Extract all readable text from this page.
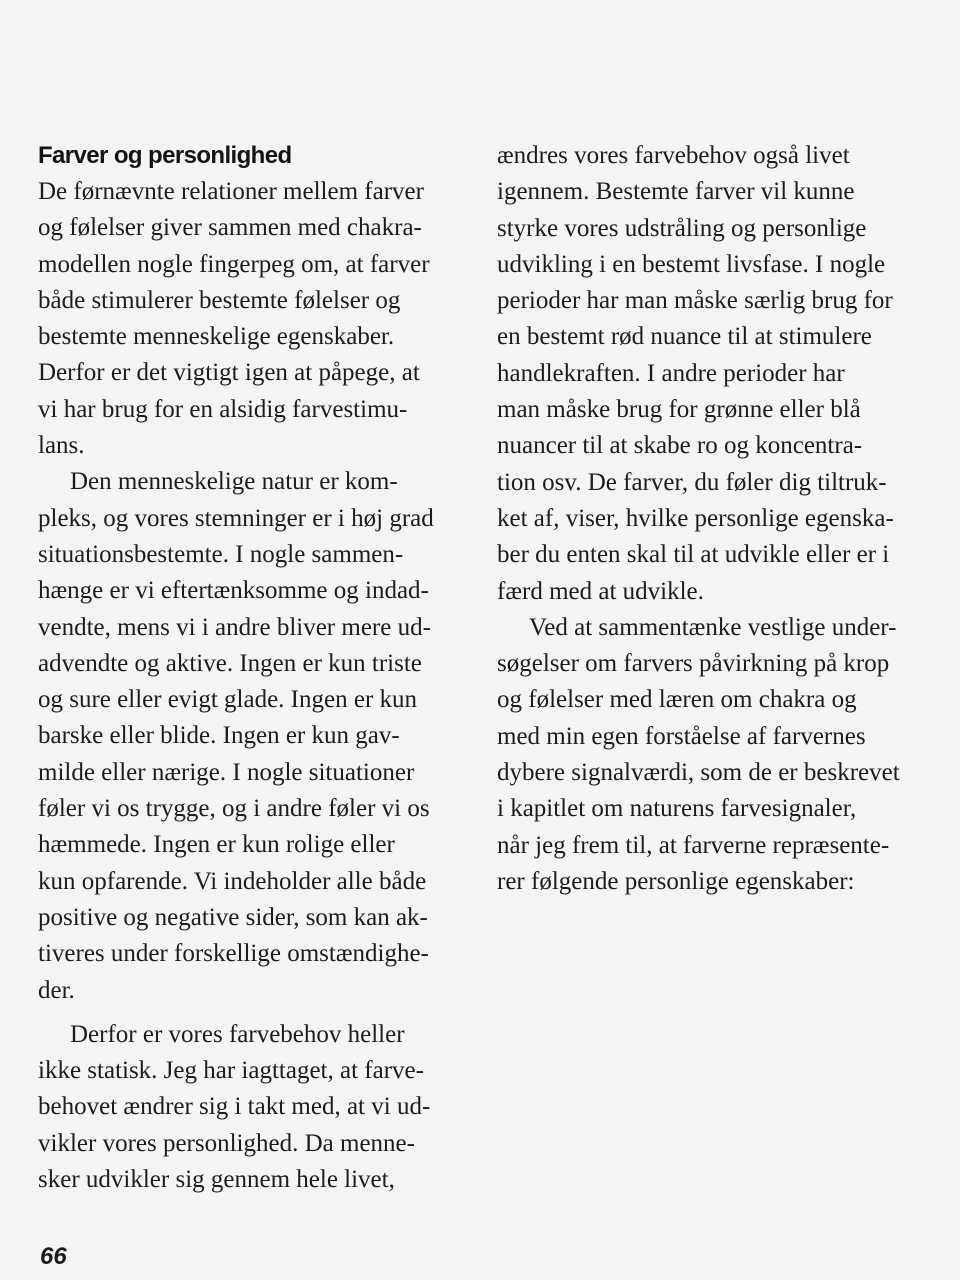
Farver og personlighed

De førnævnte relationer mellem farver
og følelser giver sammen med chakra-
modellen nogle fingerpeg om, at farver
både stimulerer bestemte følelser og
bestemte menneskelige egenskaber.
Derfor er det vigtigt igen at påpege, at
vi har brug for en alsidig farvestimu-
lans.

Den menneskelige natur er kom-
pleks, og vores stemninger er i høj grad
situationsbestemte. I nogle sammen-
hænge er vi eftertænksomme og indad-
vendte, mens vi i andre bliver mere ud-
advendte og aktive. Ingen er kun triste
og sure eller evigt glade. Ingen er kun
barske eller blide. Ingen er kun gav-
milde eller nærige. I nogle situationer
føler vi os trygge, og i andre føler vi os
hæmmede. Ingen er kun rolige eller
kun opfarende. Vi indeholder alle både
positive og negative sider, som kan ak-
tiveres under forskellige omstændighe-
der.

Derfor er vores farvebehov heller
ikke statisk. Jeg har iagttaget, at farve-
behovet ændrer sig i takt med, at vi ud-
vikler vores personlighed. Da menne-
sker udvikler sig gennem hele livet,

ændres vores farvebehov også livet
igennem. Bestemte farver vil kunne
styrke vores udstråling og personlige
udvikling i en bestemt livsfase. I nogle
perioder har man måske særlig brug for
en bestemt rød nuance til at stimulere
handlekraften. I andre perioder har
man måske brug for grønne eller blå
nuancer til at skabe ro og koncentra-
tion osv. De farver, du føler dig tiltruk-
ket af, viser, hvilke personlige egenska-
ber du enten skal til at udvikle eller er i
færd med at udvikle.

Ved at sammentænke vestlige under-
søgelser om farvers påvirkning på krop
og følelser med læren om chakra og
med min egen forståelse af farvernes
dybere signalværdi, som de er beskrevet
i kapitlet om naturens farvesignaler,
når jeg frem til, at farverne repræsente-
rer følgende personlige egenskaber:

66
